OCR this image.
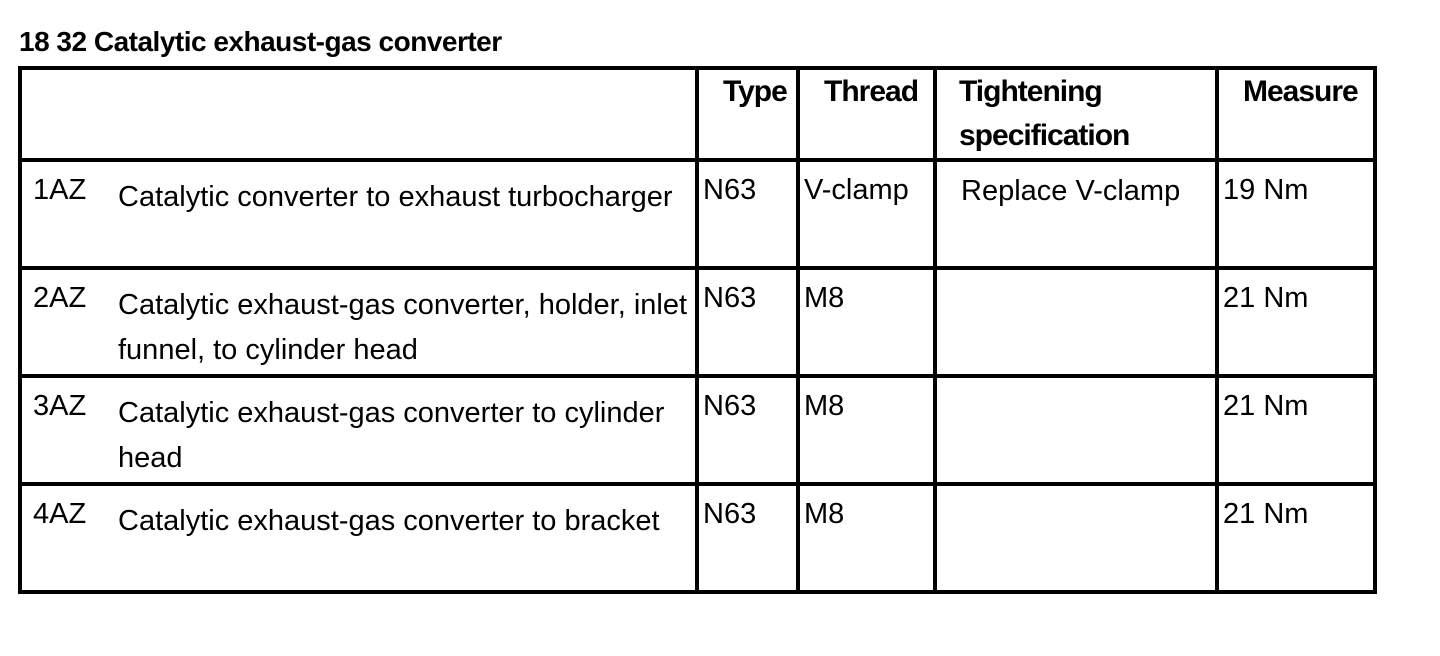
18 32 Catalytic exhaust-gas converter
	Type	Thread	Tightening specification	Measure

1AZ Catalytic converter to exhaust turbocharger	N63	V-clamp	Replace V-clamp	19 Nm

2AZ Catalytic exhaust-gas converter, holder, inlet funnel, to cylinder head	N63	M8		21 Nm

3AZ Catalytic exhaust-gas converter to cylinder head	N63	M8		21 Nm

4AZ Catalytic exhaust-gas converter to bracket	N63	M8		21 Nm
